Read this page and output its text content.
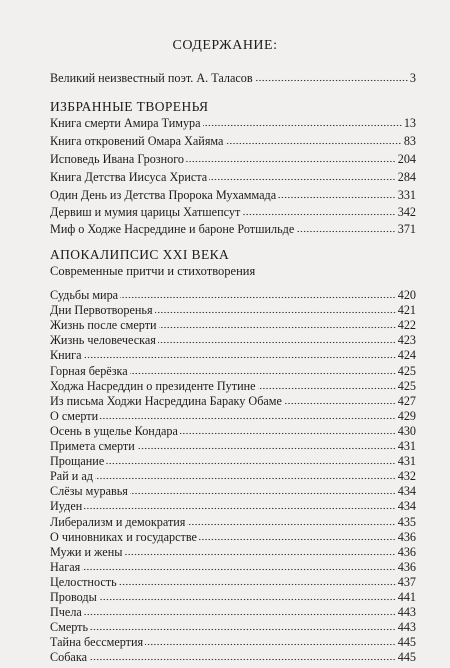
СОДЕРЖАНИЕ:
Великий неизвестный поэт. А. Таласов	3
ИЗБРАННЫЕ ТВОРЕНЬЯ
Книга смерти Амира Тимура	13
Книга откровений Омара Хайяма	83
Исповедь Ивана Грозного	204
Книга Детства Иисуса Христа	284
Один День из Детства Пророка Мухаммада	331
Дервиш и мумия царицы Хатшепсут	342
Миф о Ходже Насреддине и бароне Ротшильде	371
АПОКАЛИПСИС XXI ВЕКА
Современные притчи и стихотворения
Судьбы мира	420
Дни Первотворенья	421
Жизнь после смерти	422
Жизнь человеческая	423
Книга	424
Горная берёзка	425
Ходжа Насреддин о президенте Путине	425
Из письма Ходжи Насреддина Бараку Обаме	427
О смерти	429
Осень в ущелье Кондара	430
Примета смерти	431
Прощание	431
Рай и ад	432
Слёзы муравья	434
Иуден	434
Либерализм и демократия	435
О чиновниках и государстве	436
Мужи и жены	436
Нагая	436
Целостность	437
Проводы	441
Пчела	443
Смерть	443
Тайна бессмертия	445
Собака	445
